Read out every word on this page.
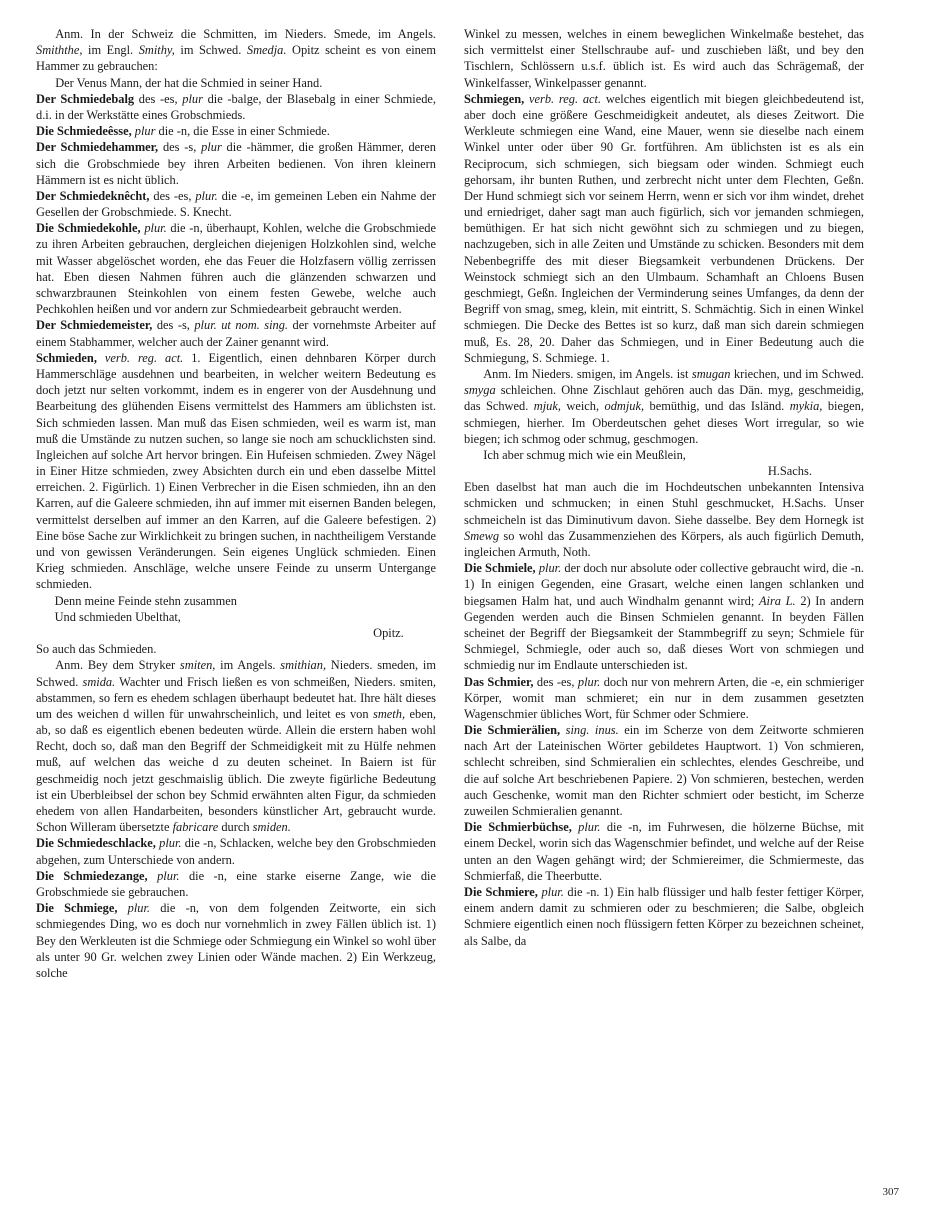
Anm. In der Schweiz die Schmitten, im Nieders. Smede, im Angels. Smiththe, im Engl. Smithy, im Schwed. Smedja. Opitz scheint es von einem Hammer zu gebrauchen:

Der Venus Mann, der hat die Schmied in seiner Hand.

Der Schmiedebalg des -es, plur die -balge, der Blasebalg in einer Schmiede, d.i. in der Werkstätte eines Grobschmieds.

Die Schmiedeêsse, plur die -n, die Esse in einer Schmiede.

Der Schmiedehammer, des -s, plur die -hämmer, die großen Hämmer, deren sich die Grobschmiede bey ihren Arbeiten bedienen. Von ihren kleinern Hämmern ist es nicht üblich.

Der Schmiedeknêcht, des -es, plur. die -e, im gemeinen Leben ein Nahme der Gesellen der Grobschmiede. S. Knecht.

Die Schmiedekohle, plur. die -n, überhaupt, Kohlen, welche die Grobschmiede zu ihren Arbeiten gebrauchen, dergleichen diejenigen Holzkohlen sind, welche mit Wasser abgelöschet worden, ehe das Feuer die Holzfasern völlig zerrissen hat. Eben diesen Nahmen führen auch die glänzenden schwarzen und schwarzbraunen Steinkohlen von einem festen Gewebe, welche auch Pechkohlen heißen und vor andern zur Schmiedearbeit gebraucht werden.

Der Schmiedemeister, des -s, plur. ut nom. sing. der vornehmste Arbeiter auf einem Stabhammer, welcher auch der Zainer genannt wird.

Schmieden, verb. reg. act. 1. Eigentlich, einen dehnbaren Körper durch Hammerschläge ausdehnen und bearbeiten, in welcher weitern Bedeutung es doch jetzt nur selten vorkommt, indem es in engerer von der Ausdehnung und Bearbeitung des glühenden Eisens vermittelst des Hammers am üblichsten ist. Sich schmieden lassen. Man muß das Eisen schmieden, weil es warm ist, man muß die Umstände zu nutzen suchen, so lange sie noch am schucklichsten sind. Ingleichen auf solche Art hervor bringen. Ein Hufeisen schmieden. Zwey Nägel in Einer Hitze schmieden, zwey Absichten durch ein und eben dasselbe Mittel erreichen. 2. Figürlich. 1) Einen Verbrecher in die Eisen schmieden, ihn an den Karren, auf die Galeere schmieden, ihn auf immer mit eisernen Banden belegen, vermittelst derselben auf immer an den Karren, auf die Galeere befestigen. 2) Eine böse Sache zur Wirklichkeit zu bringen suchen, in nachtheiligem Verstande und von gewissen Veränderungen. Sein eigenes Unglück schmieden. Einen Krieg schmieden. Anschläge, welche unsere Feinde zu unserm Untergange schmieden.

Denn meine Feinde stehn zusammen

Und schmieden Ubelthat,

Opitz.

So auch das Schmieden.

Anm. Bey dem Stryker smiten, im Angels. smithian, Nieders. smeden, im Schwed. smida. Wachter und Frisch ließen es von schmeißen, Nieders. smiten, abstammen, so fern es ehedem schlagen überhaupt bedeutet hat. Ihre hält dieses um des weichen d willen für unwahrscheinlich, und leitet es von smeth, eben, ab, so daß es eigentlich ebenen bedeuten würde. Allein die erstern haben wohl Recht, doch so, daß man den Begriff der Schmeidigkeit mit zu Hülfe nehmen muß, auf welchen das weiche d zu deuten scheinet. In Baiern ist für geschmeidig noch jetzt geschmaislig üblich. Die zweyte figürliche Bedeutung ist ein Uberbleibsel der schon bey Schmid erwähnten alten Figur, da schmieden ehedem von allen Handarbeiten, besonders künstlicher Art, gebraucht wurde. Schon Willeram übersetzte fabricare durch smiden.

Die Schmiedeschlacke, plur. die -n, Schlacken, welche bey den Grobschmieden abgehen, zum Unterschiede von andern.

Die Schmiedezange, plur. die -n, eine starke eiserne Zange, wie die Grobschmiede sie gebrauchen.

Die Schmiege, plur. die -n, von dem folgenden Zeitworte, ein sich schmiegendes Ding, wo es doch nur vornehmlich in zwey Fällen üblich ist. 1) Bey den Werkleuten ist die Schmiege oder Schmiegung ein Winkel so wohl über als unter 90 Gr. welchen zwey Linien oder Wände machen. 2) Ein Werkzeug, solche

Winkel zu messen, welches in einem beweglichen Winkelmaße bestehet, das sich vermittelst einer Stellschraube auf- und zuschieben läßt, und bey den Tischlern, Schlössern u.s.f. üblich ist. Es wird auch das Schrägemaß, der Winkelfasser, Winkelpasser genannt.

Schmiegen, verb. reg. act. welches eigentlich mit biegen gleichbedeutend ist, aber doch eine größere Geschmeidigkeit andeutet, als dieses Zeitwort. Die Werkleute schmiegen eine Wand, eine Mauer, wenn sie dieselbe nach einem Winkel unter oder über 90 Gr. fortführen. Am üblichsten ist es als ein Reciprocum, sich schmiegen, sich biegsam oder winden. Schmiegt euch gehorsam, ihr bunten Ruthen, und zerbrecht nicht unter dem Flechten, Geßn. Der Hund schmiegt sich vor seinem Herrn, wenn er sich vor ihm windet, drehet und erniedriget, daher sagt man auch figürlich, sich vor jemanden schmiegen, bemüthigen. Er hat sich nicht gewöhnt sich zu schmiegen und zu biegen, nachzugeben, sich in alle Zeiten und Umstände zu schicken. Besonders mit dem Nebenbegriffe des mit dieser Biegsamkeit verbundenen Drückens. Der Weinstock schmiegt sich an den Ulmbaum. Schamhaft an Chloens Busen geschmiegt, Geßn. Ingleichen der Verminderung seines Umfanges, da denn der Begriff von smag, smeg, klein, mit eintritt, S. Schmächtig. Sich in einen Winkel schmiegen. Die Decke des Bettes ist so kurz, daß man sich darein schmiegen muß, Es. 28, 20. Daher das Schmiegen, und in Einer Bedeutung auch die Schmiegung, S. Schmiege. 1.

Anm. Im Nieders. smigen, im Angels. ist smugan kriechen, und im Schwed. smyga schleichen. Ohne Zischlaut gehören auch das Dän. myg, geschmeidig, das Schwed. mjuk, weich, odmjuk, bemüthig, und das Isländ. mykia, biegen, schmiegen, hierher. Im Oberdeutschen gehet dieses Wort irregular, so wie biegen; ich schmog oder schmug, geschmogen.

Ich aber schmug mich wie ein Meußlein,

H.Sachs.

Eben daselbst hat man auch die im Hochdeutschen unbekannten Intensiva schmicken und schmucken; in einen Stuhl geschmucket, H.Sachs. Unser schmeicheln ist das Diminutivum davon. Siehe dasselbe. Bey dem Hornegk ist Smewg so wohl das Zusammenziehen des Körpers, als auch figürlich Demuth, ingleichen Armuth, Noth.

Die Schmiele, plur. der doch nur absolute oder collective gebraucht wird, die -n. 1) In einigen Gegenden, eine Grasart, welche einen langen schlanken und biegsamen Halm hat, und auch Windhalm genannt wird; Aira L. 2) In andern Gegenden werden auch die Binsen Schmielen genannt. In beyden Fällen scheinet der Begriff der Biegsamkeit der Stammbegriff zu seyn; Schmiele für Schmiegel, Schmiegle, oder auch so, daß dieses Wort von schmiegen und schmiedig nur im Endlaute unterschieden ist.

Das Schmier, des -es, plur. doch nur von mehrern Arten, die -e, ein schmieriger Körper, womit man schmieret; ein nur in dem zusammen gesetzten Wagenschmier übliches Wort, für Schmer oder Schmiere.

Die Schmierälien, sing. inus. ein im Scherze von dem Zeitworte schmieren nach Art der Lateinischen Wörter gebildetes Hauptwort. 1) Von schmieren, schlecht schreiben, sind Schmieralien ein schlechtes, elendes Geschreibe, und die auf solche Art beschriebenen Papiere. 2) Von schmieren, bestechen, werden auch Geschenke, womit man den Richter schmiert oder besticht, im Scherze zuweilen Schmieralien genannt.

Die Schmierbüchse, plur. die -n, im Fuhrwesen, die hölzerne Büchse, mit einem Deckel, worin sich das Wagenschmier befindet, und welche auf der Reise unten an den Wagen gehängt wird; der Schmiereimer, die Schmiermeste, das Schmierfaß, die Theerbutte.

Die Schmiere, plur. die -n. 1) Ein halb flüssiger und halb fester fettiger Körper, einem andern damit zu schmieren oder zu beschmieren; die Salbe, obgleich Schmiere eigentlich einen noch flüssigern fetten Körper zu bezeichnen scheinet, als Salbe, da

307
